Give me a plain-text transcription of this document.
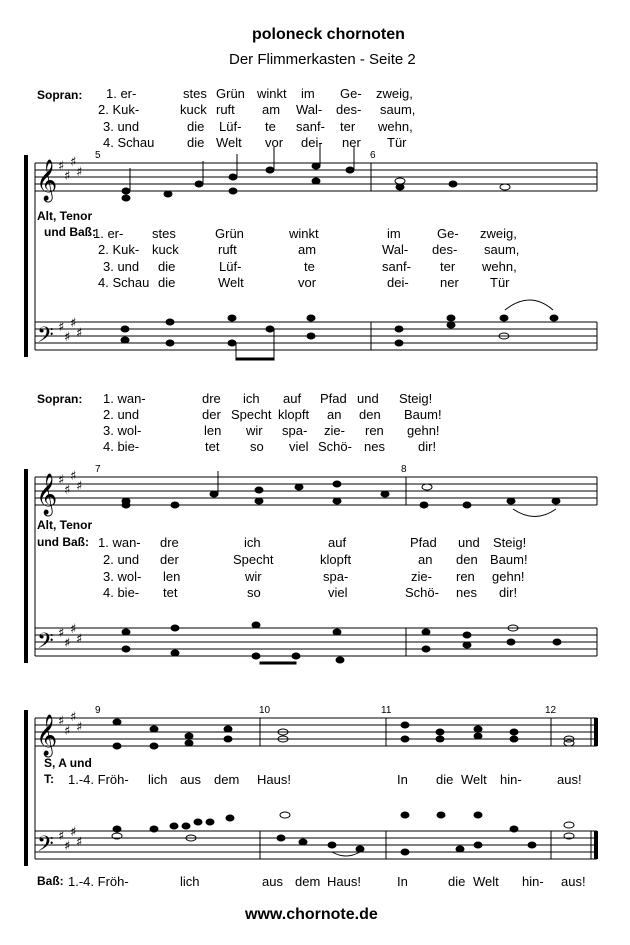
poloneck chornoten
Der Flimmerkasten - Seite 2
Sopran: 1. er-	stes Grün winkt im Ge- zweig,
2. Kuk-	kuck ruft am Wal- des- saum,
3. und	die Lüf- te sanf- ter wehn,
4. Schau	die Welt vor dei- ner Tür
Alt, Tenor
und Baß:
1. er- stes	Grün	winkt	im	Ge- zweig,
2. Kuk- kuck	ruft	am	Wal- des- saum,
3. und die	Lüf-	te	sanf- ter wehn,
4. Schau die	Welt	vor	dei- ner Tür
Sopran: 1. wan-	dre ich auf Pfad und Steig!
2. und	der Specht klopft an den Baum!
3. wol-	len wir spa- zie- ren gehn!
4. bie-	tet so viel Schö- nes	dir!
Alt, Tenor
und Baß: 1. wan- dre	ich	auf	Pfad und Steig!
2. und der	Specht	klopft	an den Baum!
3. wol- len	wir	spa-	zie- ren gehn!
4. bie- tet	so	viel	Schö- nes dir!
S, A und
T: 1.-4. Fröh- lich aus dem Haus!	In die Welt hin-	aus!
Baß: 1.-4. Fröh-	lich	aus dem Haus!	In	die Welt hin- aus!
5	6
7	8
9	10	11	12
www.chornote.de
𝄞
𝄢
𝄞
𝄢
𝄞
𝄢
♯
♯
♯
♯
♯
♯
♯
♯
♯
♯
♯
♯
♯
♯
♯
♯
♯
♯
♯
♯
♯
♯
♯
♯
